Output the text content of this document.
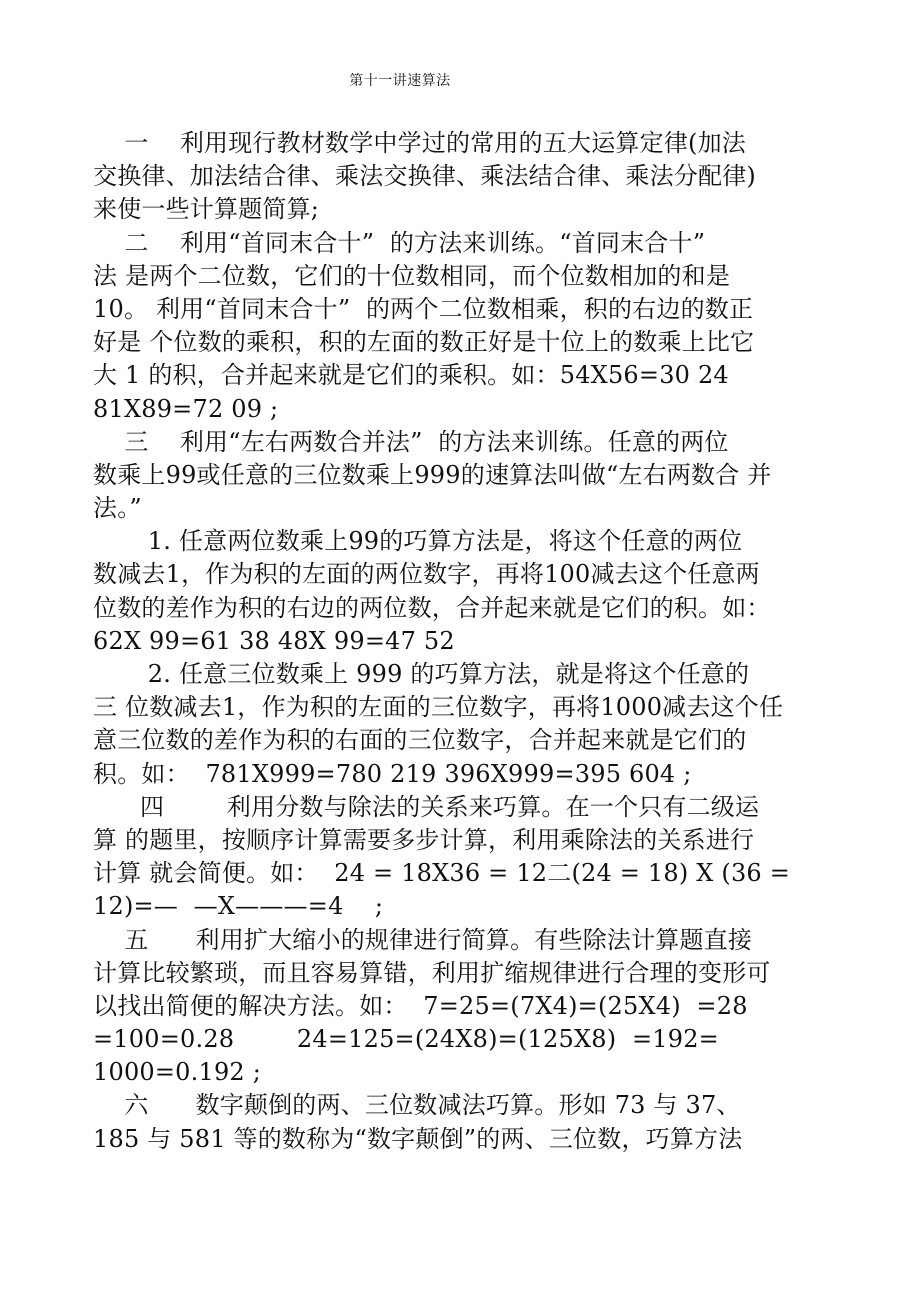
第十一讲速算法
一    利用现行教材数学中学过的常用的五大运算定律(加法
交换律、加法结合律、乘法交换律、乘法结合律、乘法分配律)
来使一些计算题简算;
二    利用“首同末合十”  的方法来训练。“首同末合十”
法 是两个二位数，它们的十位数相同，而个位数相加的和是
10。 利用“首同末合十”  的两个二位数相乘，积的右边的数正
好是 个位数的乘积，积的左面的数正好是十位上的数乘上比它
大 1 的积，合并起来就是它们的乘积。如：54X56=30 24
81X89=72 09 ;
三    利用“左右两数合并法”  的方法来训练。任意的两位
数乘上99或任意的三位数乘上999的速算法叫做“左右两数合 并
法。”
1. 任意两位数乘上99的巧算方法是，将这个任意的两位
数减去1，作为积的左面的两位数字，再将100减去这个任意两
位数的差作为积的右边的两位数，合并起来就是它们的积。如：
62X 99=61 38 48X 99=47 52
2. 任意三位数乘上 999 的巧算方法，就是将这个任意的
三 位数减去1，作为积的左面的三位数字，再将1000减去这个任
意三位数的差作为积的右面的三位数字，合并起来就是它们的
积。如：  781X999=780 219 396X999=395 604 ;
四        利用分数与除法的关系来巧算。在一个只有二级运
算 的题里，按顺序计算需要多步计算，利用乘除法的关系进行
计算 就会简便。如：  24 = 18X36 = 12二(24 = 18) X (36 =
12)=—  —X———=4    ;
五      利用扩大缩小的规律进行简算。有些除法计算题直接
计算比较繁琐，而且容易算错，利用扩缩规律进行合理的变形可
以找出简便的解决方法。如：  7=25=(7X4)=(25X4)  =28
=100=0.28        24=125=(24X8)=(125X8)  =192=
1000=0.192 ;
六      数字颠倒的两、三位数减法巧算。形如 73 与 37、
185 与 581 等的数称为“数字颠倒”的两、三位数，巧算方法
